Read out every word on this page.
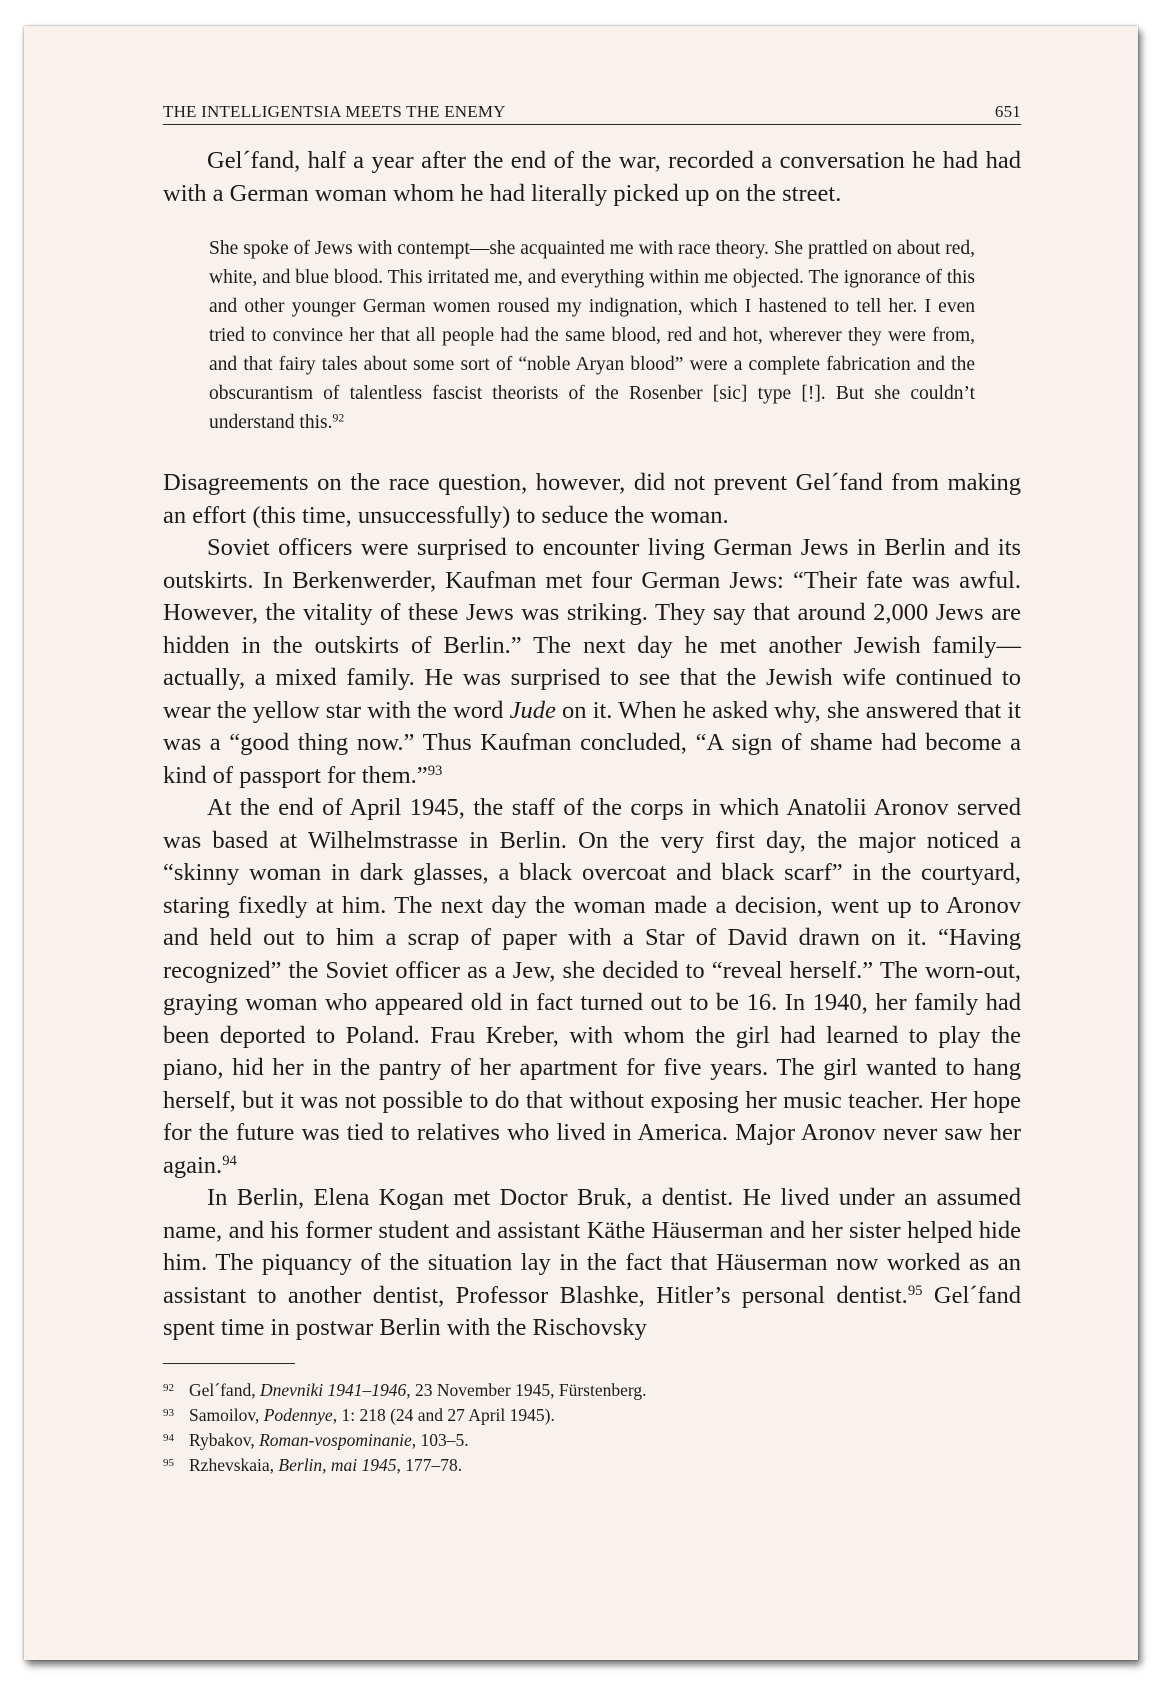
THE INTELLIGENTSIA MEETS THE ENEMY	651

Gel´fand, half a year after the end of the war, recorded a conversation he had had with a German woman whom he had literally picked up on the street.

She spoke of Jews with contempt—she acquainted me with race theory. She prattled on about red, white, and blue blood. This irritated me, and everything within me objected. The ignorance of this and other younger German women roused my indignation, which I hastened to tell her. I even tried to convince her that all people had the same blood, red and hot, wherever they were from, and that fairy tales about some sort of “noble Aryan blood” were a complete fabrication and the obscurantism of talentless fascist theorists of the Rosenber [sic] type [!]. But she couldn’t understand this.$^{92}$

Disagreements on the race question, however, did not prevent Gel´fand from making an effort (this time, unsuccessfully) to seduce the woman.

Soviet officers were surprised to encounter living German Jews in Berlin and its outskirts. In Berkenwerder, Kaufman met four German Jews: “Their fate was awful. However, the vitality of these Jews was striking. They say that around 2,000 Jews are hidden in the outskirts of Berlin.” The next day he met another Jewish family—actually, a mixed family. He was surprised to see that the Jewish wife continued to wear the yellow star with the word Jude on it. When he asked why, she answered that it was a “good thing now.” Thus Kaufman concluded, “A sign of shame had become a kind of passport for them.”$^{93}$

At the end of April 1945, the staff of the corps in which Anatolii Aronov served was based at Wilhelmstrasse in Berlin. On the very first day, the major noticed a “skinny woman in dark glasses, a black overcoat and black scarf” in the courtyard, staring fixedly at him. The next day the woman made a decision, went up to Aronov and held out to him a scrap of paper with a Star of David drawn on it. “Having recognized” the Soviet officer as a Jew, she decided to “reveal herself.” The worn-out, graying woman who appeared old in fact turned out to be 16. In 1940, her family had been deported to Poland. Frau Kreber, with whom the girl had learned to play the piano, hid her in the pantry of her apartment for five years. The girl wanted to hang herself, but it was not possible to do that without exposing her music teacher. Her hope for the future was tied to relatives who lived in America. Major Aronov never saw her again.$^{94}$

In Berlin, Elena Kogan met Doctor Bruk, a dentist. He lived under an assumed name, and his former student and assistant Käthe Häuserman and her sister helped hide him. The piquancy of the situation lay in the fact that Häuserman now worked as an assistant to another dentist, Professor Blashke, Hitler’s personal dentist.$^{95}$ Gel´fand spent time in postwar Berlin with the Rischovsky

92 Gel´fand, Dnevniki 1941–1946, 23 November 1945, Fürstenberg.
93 Samoilov, Podennye, 1: 218 (24 and 27 April 1945).
94 Rybakov, Roman-vospominanie, 103–5.
95 Rzhevskaia, Berlin, mai 1945, 177–78.
